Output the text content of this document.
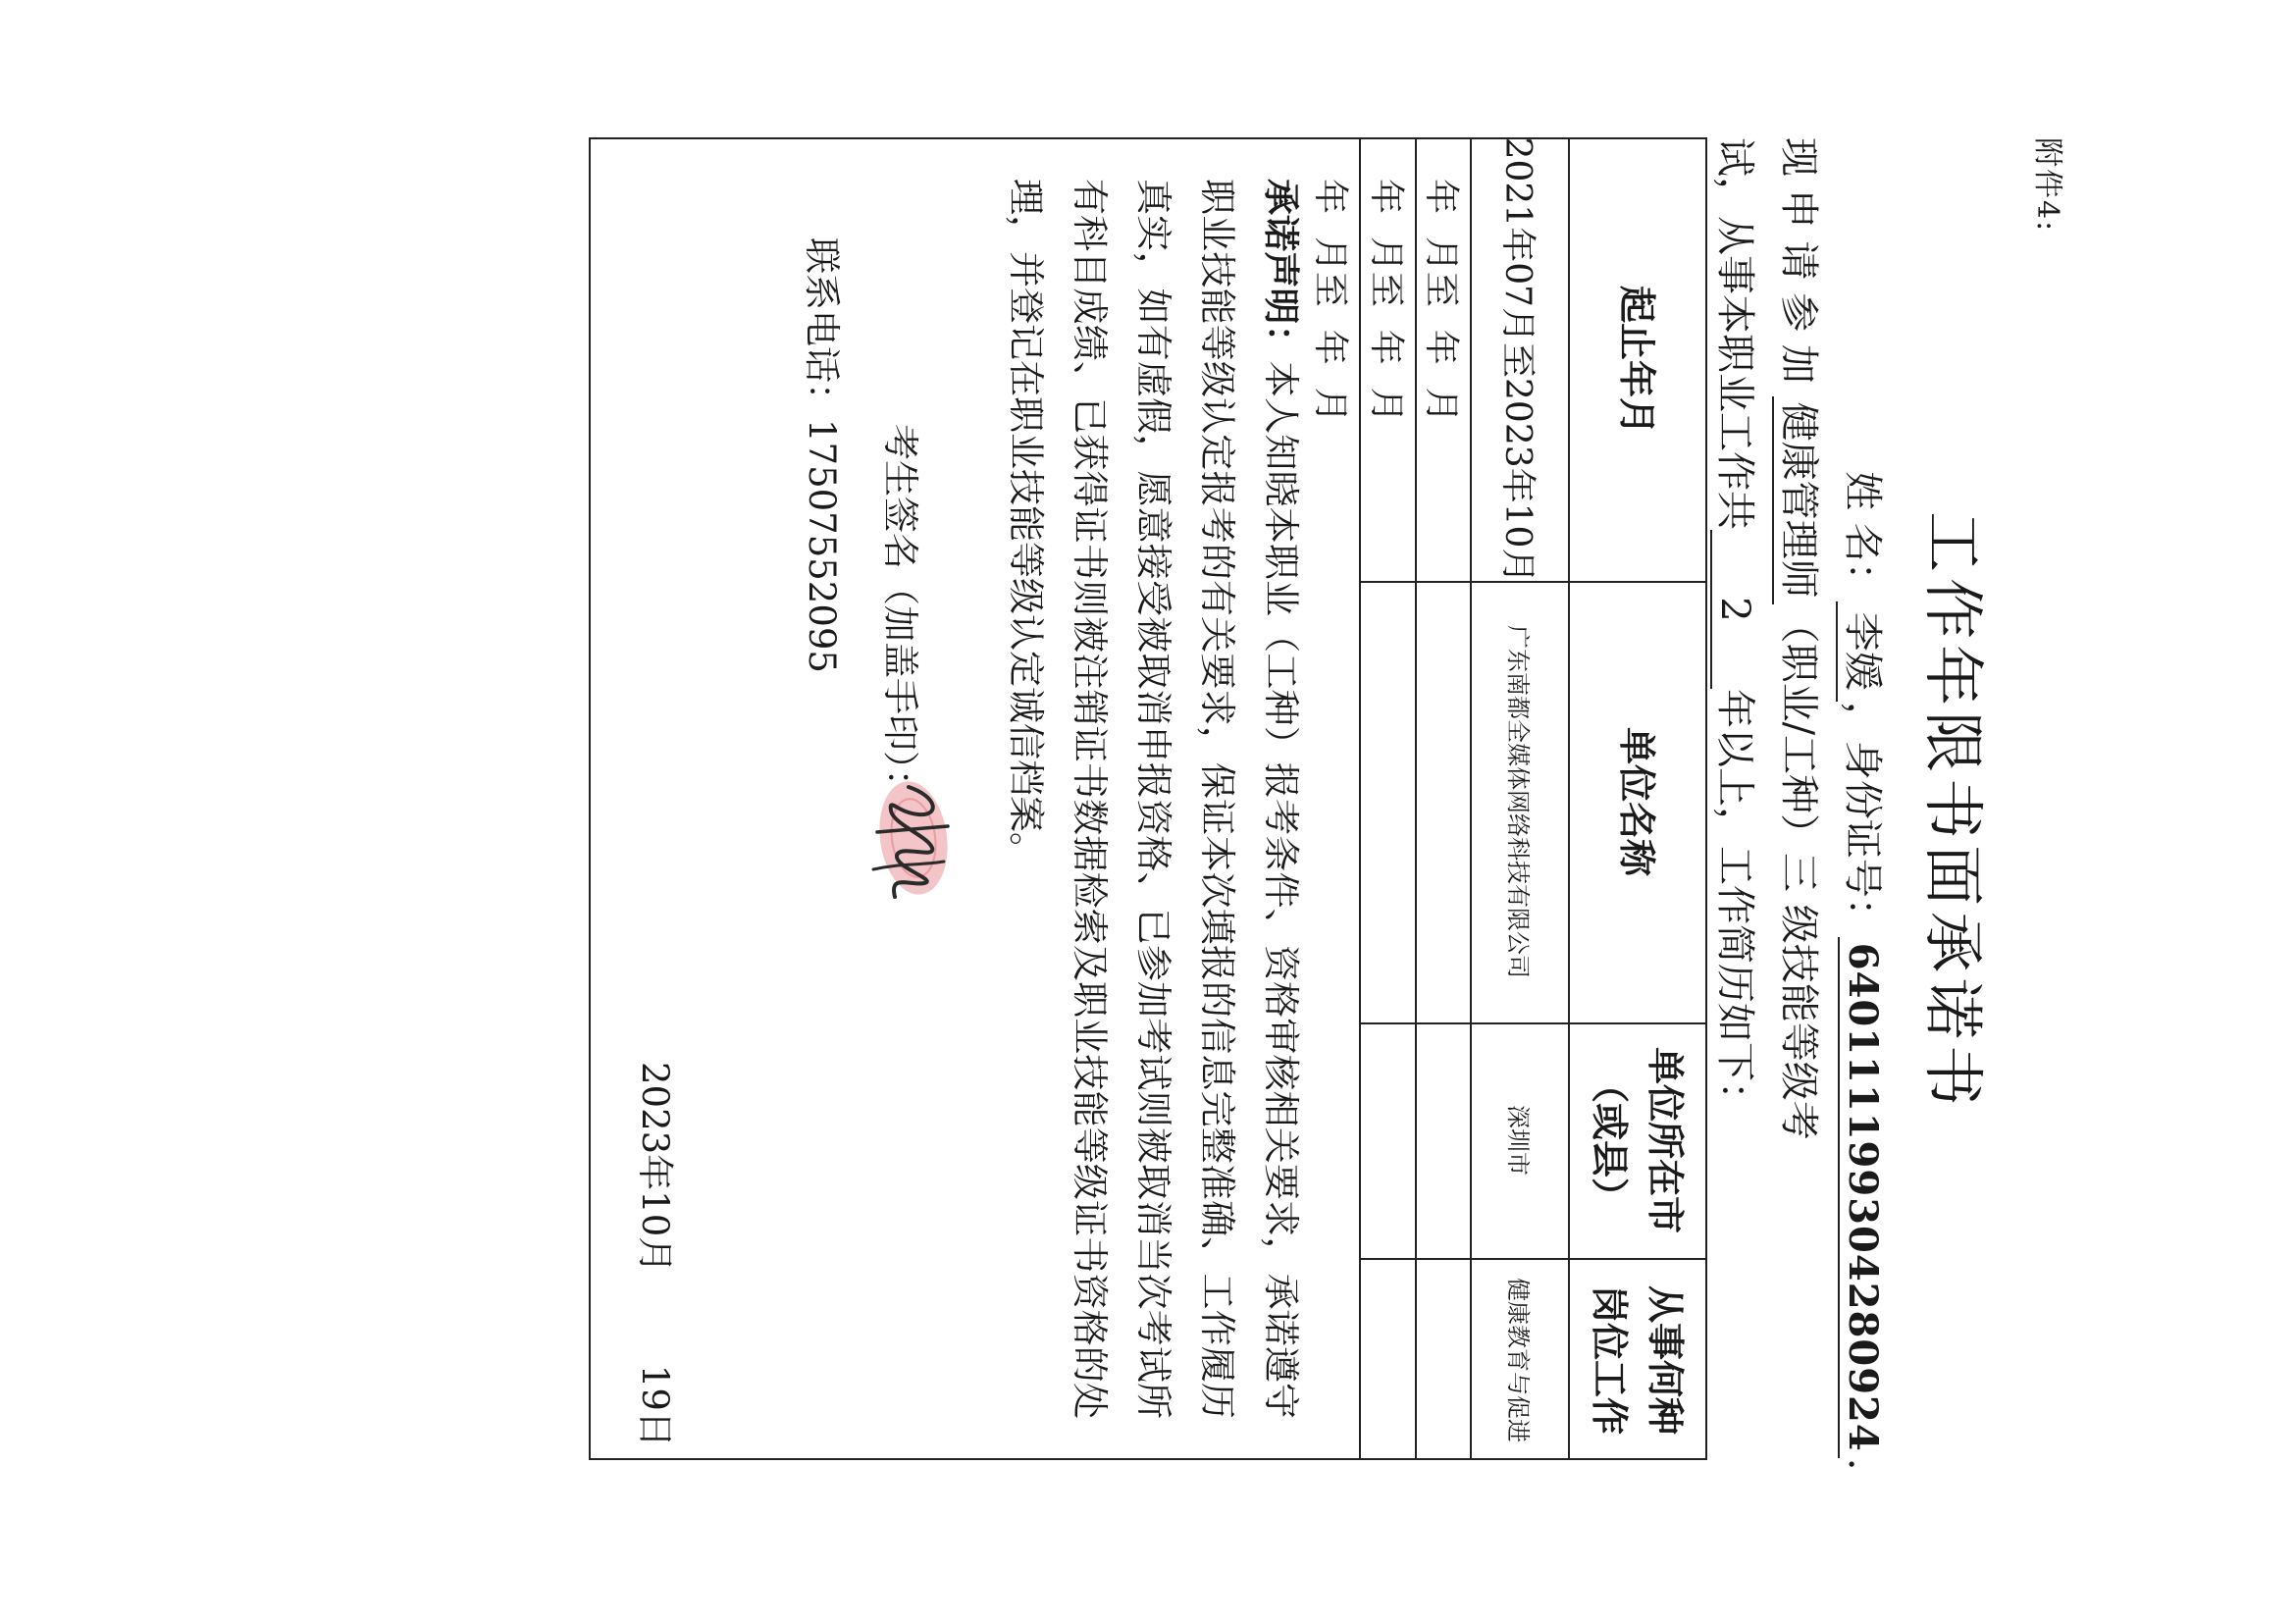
附件4:
工作年限书面承诺书
姓 名：李媛，身份证号：640111199304280924.
现 申 请 参 加 健康管理师（职业/工种）三 级技能等级考
试，从事本职业工作共2年以上，工作简历如下：
起止年月
单位名称
单位所在市
（或县）
从事何种
岗位工作
2021年07月至2023年10月
广东南都全媒体网络科技有限公司
深圳市
健康教育与促进
年  月至  年  月
年  月至  年  月
年  月至  年  月
承诺声明：本人知晓本职业（工种）报考条件、资格审核相关要求，承诺遵守职业技能等级认定报考的有关要求，保证本次填报的信息完整准确、工作履历真实，如有虚假，愿意接受被取消申报资格、已参加考试则被取消当次考试所有科目成绩、已获得证书则被注销证书数据检索及职业技能等级证书资格的处理，并登记在职业技能等级认定诚信档案。
考生签名（加盖手印）：
联系电话：17507552095
2023年10月  19日
